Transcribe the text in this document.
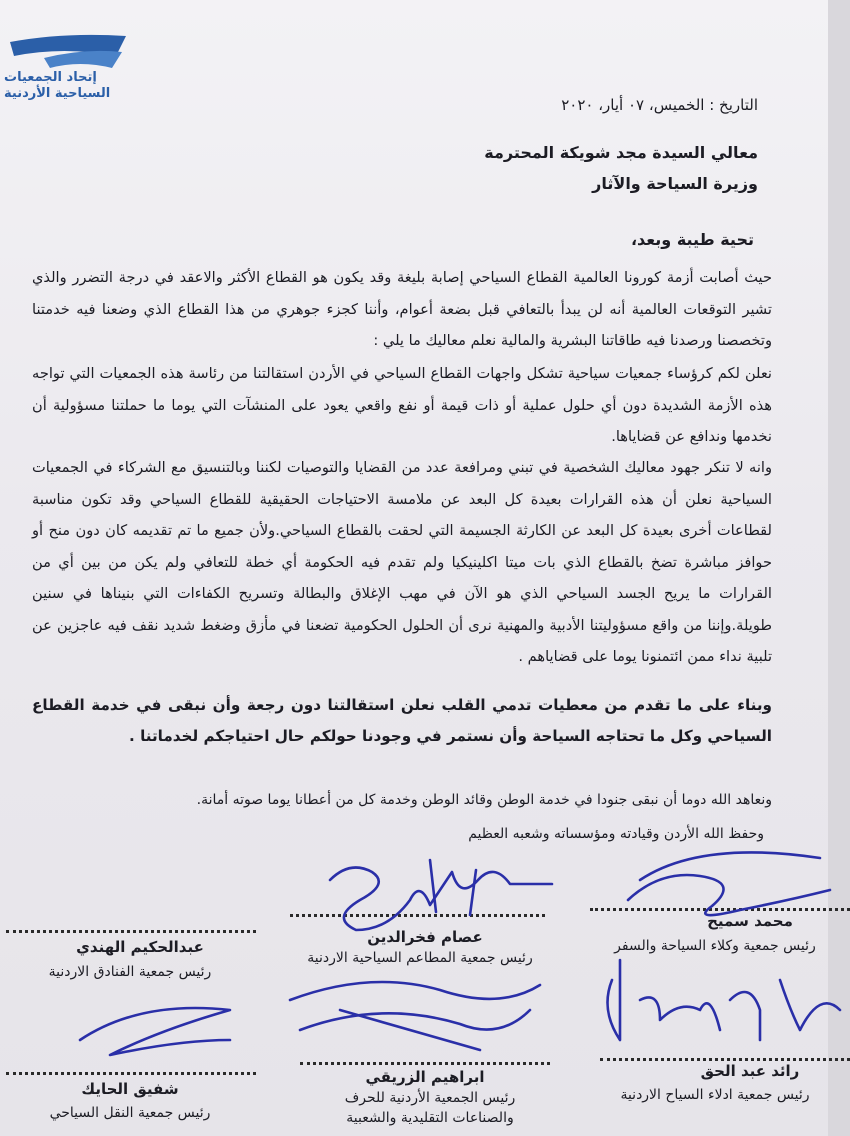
إتحاد الجمعيات
السياحية الأردنية
التاريخ : الخميس، ٠٧ أيار، ٢٠٢٠
معالي السيدة مجد شويكة المحترمة
وزيرة السياحة والآثار
تحية طيبة وبعد،
حيث أصابت أزمة كورونا العالمية القطاع السياحي إصابة بليغة وقد يكون هو القطاع الأكثر والاعقد في درجة التضرر والذي تشير التوقعات العالمية أنه لن يبدأ بالتعافي قبل بضعة أعوام، وأننا كجزء جوهري من هذا القطاع الذي وضعنا فيه خدمتنا وتخصصنا ورصدنا فيه طاقاتنا البشرية والمالية نعلم معاليك ما يلي :
نعلن لكم كرؤساء جمعيات سياحية تشكل واجهات القطاع السياحي في الأردن استقالتنا من رئاسة هذه الجمعيات التي تواجه هذه الأزمة الشديدة دون أي حلول عملية أو ذات قيمة أو نفع واقعي يعود على المنشآت التي يوما ما حملتنا مسؤولية أن نخدمها وندافع عن قضاياها.
وانه لا تنكر جهود معاليك الشخصية في تبني ومرافعة عدد من القضايا والتوصيات لكننا وبالتنسيق مع الشركاء في الجمعيات السياحية نعلن أن هذه القرارات بعيدة كل البعد عن ملامسة الاحتياجات الحقيقية للقطاع السياحي وقد تكون مناسبة لقطاعات أخرى بعيدة كل البعد عن الكارثة الجسيمة التي لحقت بالقطاع السياحي.ولأن جميع ما تم تقديمه كان دون منح أو حوافز مباشرة تضخ بالقطاع الذي بات ميتا اكلينيكيا ولم تقدم فيه الحكومة أي خطة للتعافي ولم يكن من بين أي من القرارات ما يريح الجسد السياحي الذي هو الآن في مهب الإغلاق والبطالة وتسريح الكفاءات التي بنيناها في سنين طويلة.وإننا من واقع مسؤوليتنا الأدبية والمهنية نرى أن الحلول الحكومية تضعنا في مأزق وضغط شديد نقف فيه عاجزين عن تلبية نداء ممن ائتمنونا يوما على قضاياهم .
وبناء على ما تقدم من معطيات تدمي القلب نعلن استقالتنا دون رجعة وأن نبقى في خدمة القطاع السياحي وكل ما تحتاجه السياحة وأن نستمر في وجودنا حولكم حال احتياجكم لخدماتنا .
ونعاهد الله دوما أن نبقى جنودا في خدمة الوطن وقائد الوطن وخدمة كل من أعطانا يوما صوته أمانة.
وحفظ الله الأردن وقيادته ومؤسساته وشعبه العظيم
عبدالحكيم الهندي
رئيس جمعية الفنادق الاردنية
عصام فخرالدين
رئيس جمعية المطاعم السياحية الاردنية
محمد سميح
رئيس جمعية وكلاء السياحة والسفر
شفيق الحايك
رئيس جمعية النقل السياحي
ابراهيم الزريقي
رئيس الجمعية الأردنية للحرف والصناعات التقليدية والشعبية
رائد عبد الحق
رئيس جمعية ادلاء السياح الاردنية
